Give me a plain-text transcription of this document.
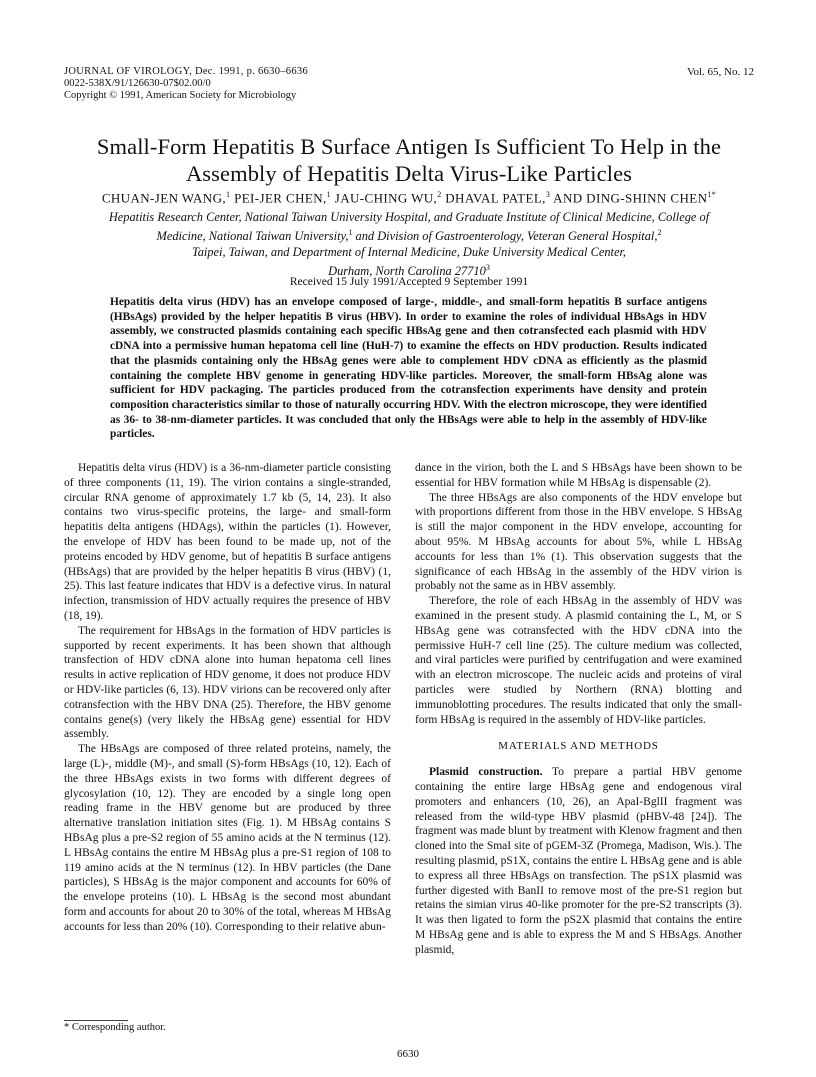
JOURNAL OF VIROLOGY, Dec. 1991, p. 6630–6636
0022-538X/91/126630-07$02.00/0
Copyright © 1991, American Society for Microbiology
Vol. 65, No. 12
Small-Form Hepatitis B Surface Antigen Is Sufficient To Help in the
Assembly of Hepatitis Delta Virus-Like Particles
CHUAN-JEN WANG,$^1$ PEI-JER CHEN,$^1$ JAU-CHING WU,$^2$ DHAVAL PATEL,$^3$ AND DING-SHINN $CHEN^{1*}$
Hepatitis Research Center, National Taiwan University Hospital, and Graduate Institute of Clinical Medicine, College of
Medicine, National Taiwan University,$^1$ and Division of Gastroenterology, Veteran General Hospital,$^2$
Taipei, Taiwan, and Department of Internal Medicine, Duke University Medical Center,
Durham, North Carolina 27710$^3$
Received 15 July 1991/Accepted 9 September 1991
Hepatitis delta virus (HDV) has an envelope composed of large-, middle-, and small-form hepatitis B surface antigens (HBsAgs) provided by the helper hepatitis B virus (HBV). In order to examine the roles of individual HBsAgs in HDV assembly, we constructed plasmids containing each specific HBsAg gene and then cotransfected each plasmid with HDV cDNA into a permissive human hepatoma cell line (HuH-7) to examine the effects on HDV production. Results indicated that the plasmids containing only the HBsAg genes were able to complement HDV cDNA as efficiently as the plasmid containing the complete HBV genome in generating HDV-like particles. Moreover, the small-form HBsAg alone was sufficient for HDV packaging. The particles produced from the cotransfection experiments have density and protein composition characteristics similar to those of naturally occurring HDV. With the electron microscope, they were identified as 36- to 38-nm-diameter particles. It was concluded that only the HBsAgs were able to help in the assembly of HDV-like particles.

Hepatitis delta virus (HDV) is a 36-nm-diameter particle consisting of three components (11, 19). The virion contains a single-stranded, circular RNA genome of approximately 1.7 kb (5, 14, 23). It also contains two virus-specific proteins, the large- and small-form hepatitis delta antigens (HDAgs), within the particles (1). However, the envelope of HDV has been found to be made up, not of the proteins encoded by HDV genome, but of hepatitis B surface antigens (HBsAgs) that are provided by the helper hepatitis B virus (HBV) (1, 25). This last feature indicates that HDV is a defective virus. In natural infection, transmission of HDV actually requires the presence of HBV (18, 19).

The requirement for HBsAgs in the formation of HDV particles is supported by recent experiments. It has been shown that although transfection of HDV cDNA alone into human hepatoma cell lines results in active replication of HDV genome, it does not produce HDV or HDV-like particles (6, 13). HDV virions can be recovered only after cotransfection with the HBV DNA (25). Therefore, the HBV genome contains gene(s) (very likely the HBsAg gene) essential for HDV assembly.

The HBsAgs are composed of three related proteins, namely, the large (L)-, middle (M)-, and small (S)-form HBsAgs (10, 12). Each of the three HBsAgs exists in two forms with different degrees of glycosylation (10, 12). They are encoded by a single long open reading frame in the HBV genome but are produced by three alternative translation initiation sites (Fig. 1). M HBsAg contains S HBsAg plus a pre-S2 region of 55 amino acids at the N terminus (12). L HBsAg contains the entire M HBsAg plus a pre-S1 region of 108 to 119 amino acids at the N terminus (12). In HBV particles (the Dane particles), S HBsAg is the major component and accounts for 60% of the envelope proteins (10). L HBsAg is the second most abundant form and accounts for about 20 to 30% of the total, whereas M HBsAg accounts for less than 20% (10). Corresponding to their relative abun-

dance in the virion, both the L and S HBsAgs have been shown to be essential for HBV formation while M HBsAg is dispensable (2).

The three HBsAgs are also components of the HDV envelope but with proportions different from those in the HBV envelope. S HBsAg is still the major component in the HDV envelope, accounting for about 95%. M HBsAg accounts for about 5%, while L HBsAg accounts for less than 1% (1). This observation suggests that the significance of each HBsAg in the assembly of the HDV virion is probably not the same as in HBV assembly.

Therefore, the role of each HBsAg in the assembly of HDV was examined in the present study. A plasmid containing the L, M, or S HBsAg gene was cotransfected with the HDV cDNA into the permissive HuH-7 cell line (25). The culture medium was collected, and viral particles were purified by centrifugation and were examined with an electron microscope. The nucleic acids and proteins of viral particles were studied by Northern (RNA) blotting and immunoblotting procedures. The results indicated that only the small-form HBsAg is required in the assembly of HDV-like particles.

MATERIALS AND METHODS

Plasmid construction. To prepare a partial HBV genome containing the entire large HBsAg gene and endogenous viral promoters and enhancers (10, 26), an ApaI-BglII fragment was released from the wild-type HBV plasmid (pHBV-48 [24]). The fragment was made blunt by treatment with Klenow fragment and then cloned into the SmaI site of pGEM-3Z (Promega, Madison, Wis.). The resulting plasmid, pS1X, contains the entire L HBsAg gene and is able to express all three HBsAgs on transfection. The pS1X plasmid was further digested with BanII to remove most of the pre-S1 region but retains the simian virus 40-like promoter for the pre-S2 transcripts (3). It was then ligated to form the pS2X plasmid that contains the entire M HBsAg gene and is able to express the M and S HBsAgs. Another plasmid,

* Corresponding author.
6630
